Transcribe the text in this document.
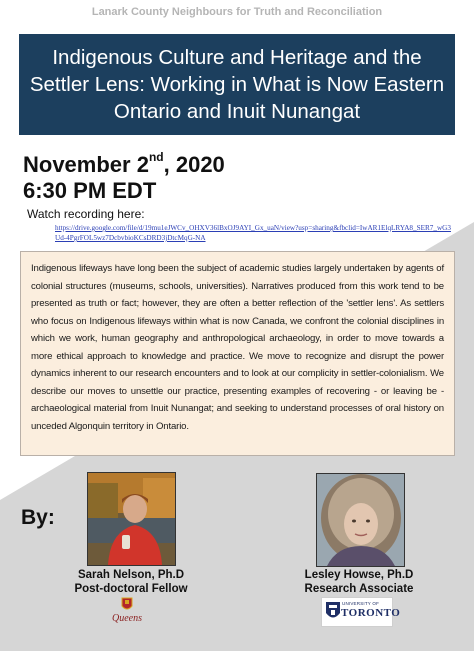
Lanark County Neighbours for Truth and Reconciliation
Indigenous Culture and Heritage and the Settler Lens: Working in What is Now Eastern Ontario and Inuit Nunangat
November 2nd, 2020
6:30 PM EDT
Watch recording here:
https://drive.google.com/file/d/19mu1eJWCv_OHXV36lBxOJ9AYI_Gx_uaN/view?usp=sharing&fbclid=IwAR1ElqLRYA8_SER7_wG3Ud-4PgrFOL5wz7DcbvbioKCsDRD3jDtcMqG-NA
Indigenous lifeways have long been the subject of academic studies largely undertaken by agents of colonial structures (museums, schools, universities). Narratives produced from this work tend to be presented as truth or fact; however, they are often a better reflection of the 'settler lens'. As settlers who focus on Indigenous lifeways within what is now Canada, we confront the colonial disciplines in which we work, human geography and anthropological archaeology, in order to move towards a more ethical approach to knowledge and practice. We move to recognize and disrupt the power dynamics inherent to our research encounters and to look at our complicity in settler-colonialism. We describe our moves to unsettle our practice, presenting examples of recovering - or leaving be - archaeological material from Inuit Nunangat; and seeking to understand processes of oral history on unceded Algonquin territory in Ontario.
By:
Sarah Nelson, Ph.D
Post-doctoral Fellow
Lesley Howse, Ph.D
Research Associate
Queens
UNIVERSITY OF
TORONTO
